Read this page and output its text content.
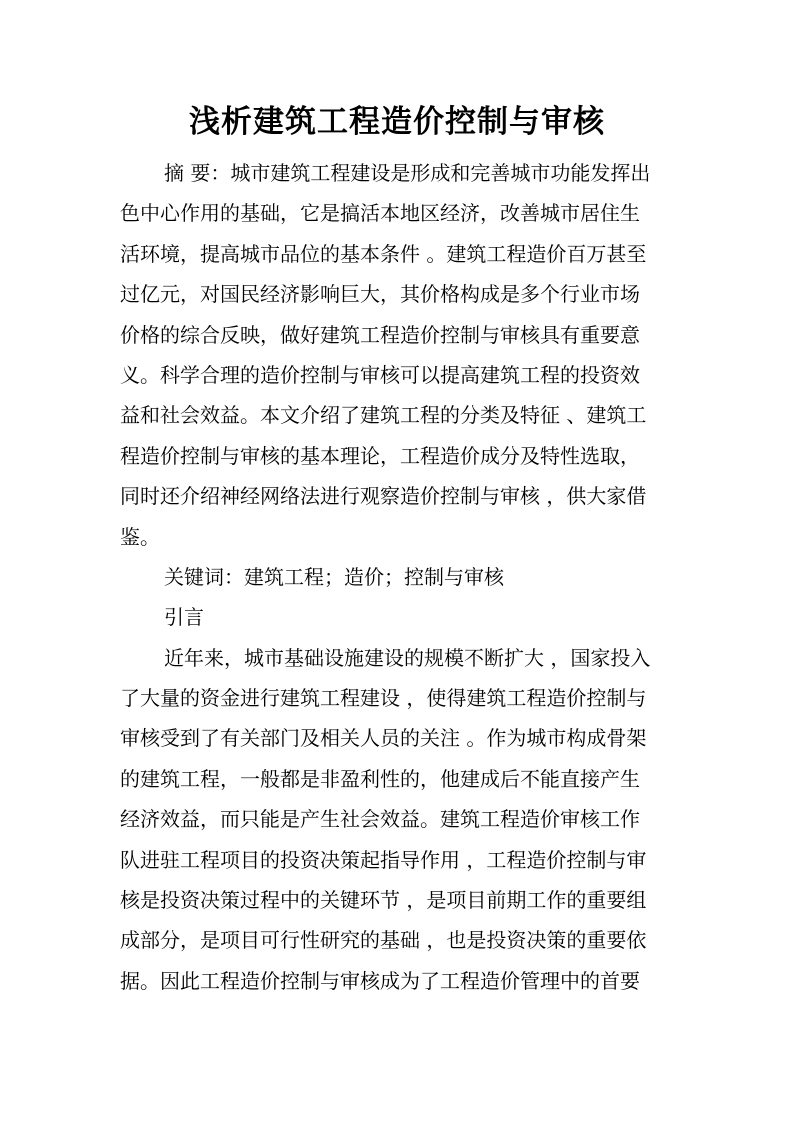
浅析建筑工程造价控制与审核
摘 要：城市建筑工程建设是形成和完善城市功能发挥出
色中心作用的基础，它是搞活本地区经济，改善城市居住生
活环境，提高城市品位的基本条件 。建筑工程造价百万甚至
过亿元，对国民经济影响巨大，其价格构成是多个行业市场
价格的综合反映，做好建筑工程造价控制与审核具有重要意
义。科学合理的造价控制与审核可以提高建筑工程的投资效
益和社会效益。本文介绍了建筑工程的分类及特征 、建筑工
程造价控制与审核的基本理论，工程造价成分及特性选取，
同时还介绍神经网络法进行观察造价控制与审核 ，供大家借
鉴。
关键词：建筑工程；造价；控制与审核
引言
近年来，城市基础设施建设的规模不断扩大 ，国家投入
了大量的资金进行建筑工程建设 ，使得建筑工程造价控制与
审核受到了有关部门及相关人员的关注 。作为城市构成骨架
的建筑工程，一般都是非盈利性的，他建成后不能直接产生
经济效益，而只能是产生社会效益。建筑工程造价审核工作
队进驻工程项目的投资决策起指导作用 ，工程造价控制与审
核是投资决策过程中的关键环节 ，是项目前期工作的重要组
成部分，是项目可行性研究的基础 ，也是投资决策的重要依
据。因此工程造价控制与审核成为了工程造价管理中的首要
